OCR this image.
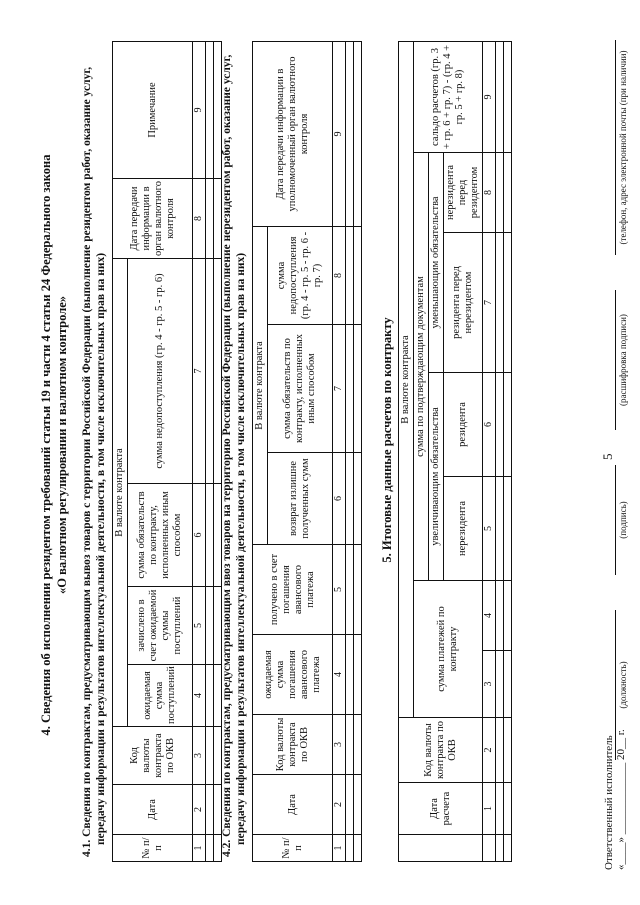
5
4. Сведения об исполнении резидентом требований статьи 19 и части 4 статьи 24 Федерального закона «О валютном регулировании и валютном контроле» 4.1. Сведения по контрактам, предусматривающим вывоз товаров с территории Российской Федерации (выполнение резидентом работ, оказание услуг, передачу информации и результатов интеллектуальной деятельности, в том числе исключительных прав на них)
№ п/п	Дата	Код валюты контракта по ОКВ	В валюте контракта				Дата передачи информации в орган валютного контроля	Примечание
			ожидаемая сумма поступлений	зачислено в счет ожидаемой суммы поступлений	сумма обязательств по контракту, исполненных иным способом	сумма недопоступления (гр. 4 - гр. 5 - гр. 6)		
1	2	3	4	5	6	7	8	9

								4.2. Сведения по контрактам, предусматривающим ввоз товаров на территорию Российской Федерации (выполнение нерезидентом работ, оказание услуг, передачу информации и результатов интеллектуальной деятельности, в том числе исключительных прав на них)
№ п/п	Дата	Код валюты контракта по ОКВ	ожидаемая сумма погашения авансового платежа	получено в счет погашения авансового платежа	В валюте контракта			Дата передачи информации в уполномоченный орган валютного контроля
					возврат излишне полученных сумм	сумма обязательств по контракту, исполненных иным способом	сумма недопоступления (гр. 4 - гр. 5 - гр. 6 - гр. 7)	
1	2	3	4	5	6	7	8	9

5. Итоговые данные расчетов по контракту
	Дата расчета	Код валюты контракта по ОКВ	В валюте контракта						
			сумма платежей по контракту		сумма по подтверждающим документам				сальдо расчетов (гр. 3 + гр. 6 + гр. 7) - (гр. 4 + гр. 5 + гр. 8)
					увеличивающим обязательства		уменьшающим обязательства		
					нерезидента	резидента	резидента перед нерезидентом	нерезидента перед резидентом	
	1	2	3	4	5	6	7	8	9

Ответственный исполнитель
(должность)
(подпись)
(расшифровка подписи)
(телефон, адрес электронной почты (при наличии)
«____» _____________ 20__ г.
